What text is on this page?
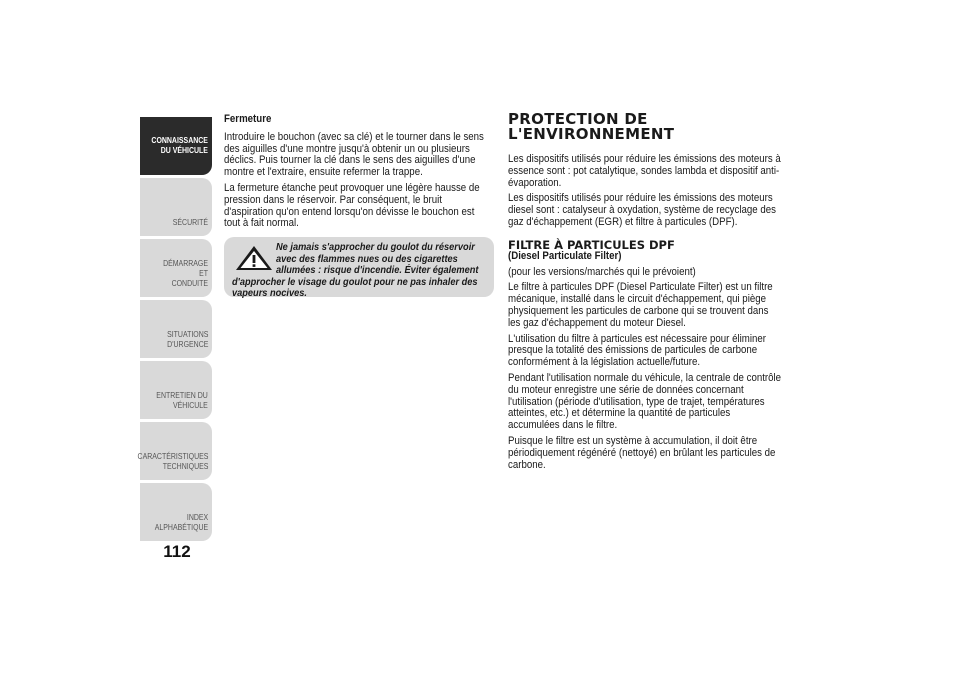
CONNAISSANCE
DU VÉHICULE
SÉCURITÉ
DÉMARRAGE ET
CONDUITE
SITUATIONS
D'URGENCE
ENTRETIEN DU
VÉHICULE
CARACTÉRISTIQUES
TECHNIQUES
INDEX
ALPHABÉTIQUE
112

Fermeture

Introduire le bouchon (avec sa clé) et le tourner dans le sens des aiguilles d'une montre jusqu'à obtenir un ou plusieurs déclics. Puis tourner la clé dans le sens des aiguilles d'une montre et l'extraire, ensuite refermer la trappe.

La fermeture étanche peut provoquer une légère hausse de pression dans le réservoir. Par conséquent, le bruit d'aspiration qu'on entend lorsqu'on dévisse le bouchon est tout à fait normal.

Ne jamais s'approcher du goulot du réservoir avec des flammes nues ou des cigarettes allumées : risque d'incendie. Éviter également d'approcher le visage du goulot pour ne pas inhaler des vapeurs nocives.
PROTECTION DE
L'ENVIRONNEMENT

Les dispositifs utilisés pour réduire les émissions des moteurs à essence sont : pot catalytique, sondes lambda et dispositif anti-évaporation.

Les dispositifs utilisés pour réduire les émissions des moteurs diesel sont : catalyseur à oxydation, système de recyclage des gaz d'échappement (EGR) et filtre à particules (DPF).

FILTRE À PARTICULES DPF

(Diesel Particulate Filter)

(pour les versions/marchés qui le prévoient)

Le filtre à particules DPF (Diesel Particulate Filter) est un filtre mécanique, installé dans le circuit d'échappement, qui piège physiquement les particules de carbone qui se trouvent dans les gaz d'échappement du moteur Diesel.

L'utilisation du filtre à particules est nécessaire pour éliminer presque la totalité des émissions de particules de carbone conformément à la législation actuelle/future.

Pendant l'utilisation normale du véhicule, la centrale de contrôle du moteur enregistre une série de données concernant l'utilisation (période d'utilisation, type de trajet, températures atteintes, etc.) et détermine la quantité de particules accumulées dans le filtre.

Puisque le filtre est un système à accumulation, il doit être périodiquement régénéré (nettoyé) en brûlant les particules de carbone.
